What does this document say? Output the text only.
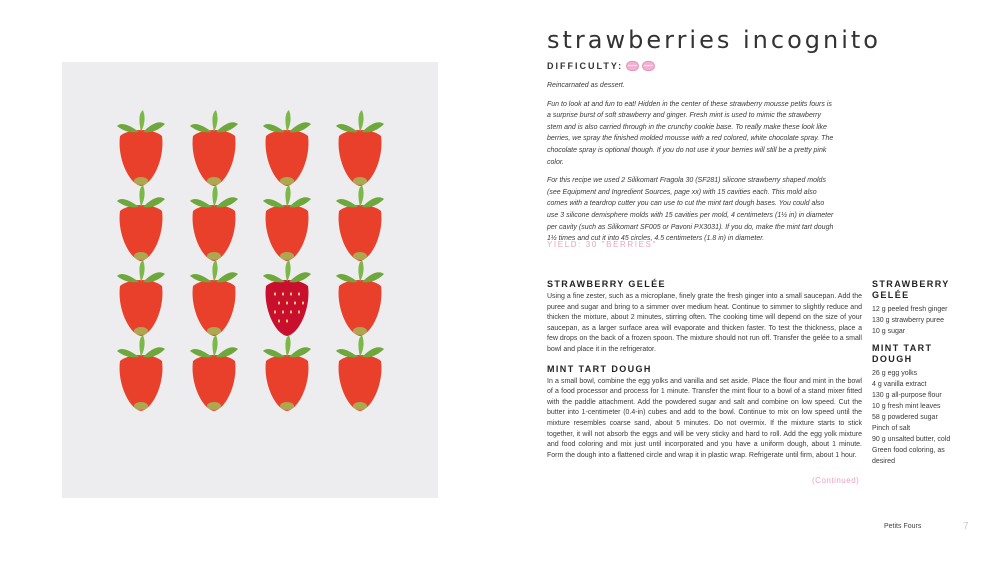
strawberries incognito
DIFFICULTY:

Reincarnated as dessert.

Fun to look at and fun to eat! Hidden in the center of these strawberry mousse petits fours is a surprise burst of soft strawberry and ginger. Fresh mint is used to mimic the strawberry stem and is also carried through in the crunchy cookie base. To really make these look like berries, we spray the finished molded mousse with a red colored, white chocolate spray. The chocolate spray is optional though. If you do not use it your berries will still be a pretty pink color.

For this recipe we used 2 Silikomart Fragola 30 (SF281) silicone strawberry shaped molds (see Equipment and Ingredient Sources, page xx) with 15 cavities each. This mold also comes with a teardrop cutter you can use to cut the mint tart dough bases. You could also use 3 silicone demisphere molds with 15 cavities per mold, 4 centimeters (1½ in) in diameter per cavity (such as Silikomart SF005 or Pavoni PX3031). If you do, make the mint tart dough 1½ times and cut it into 45 circles, 4.5 centimeters (1.8 in) in diameter.

YIELD: 30 "BERRIES"
STRAWBERRY GELÉE

Using a fine zester, such as a microplane, finely grate the fresh ginger into a small saucepan. Add the puree and sugar and bring to a simmer over medium heat. Continue to simmer to slightly reduce and thicken the mixture, about 2 minutes, stirring often. The cooking time will depend on the size of your saucepan, as a larger surface area will evaporate and thicken faster. To test the thickness, place a few drops on the back of a frozen spoon. The mixture should not run off. Transfer the gelée to a small bowl and place it in the refrigerator.

MINT TART DOUGH

In a small bowl, combine the egg yolks and vanilla and set aside. Place the flour and mint in the bowl of a food processor and process for 1 minute. Transfer the mint flour to a bowl of a stand mixer fitted with the paddle attachment. Add the powdered sugar and salt and combine on low speed. Cut the butter into 1-centimeter (0.4-in) cubes and add to the bowl. Continue to mix on low speed until the mixture resembles coarse sand, about 5 minutes. Do not overmix. If the mixture starts to stick together, it will not absorb the eggs and will be very sticky and hard to roll. Add the egg yolk mixture and food coloring and mix just until incorporated and you have a uniform dough, about 1 minute. Form the dough into a flattened circle and wrap it in plastic wrap. Refrigerate until firm, about 1 hour.

STRAWBERRY GELÉE
12 g peeled fresh ginger
130 g strawberry puree
10 g sugar
MINT TART DOUGH
26 g egg yolks
4 g vanilla extract
130 g all-purpose flour
10 g fresh mint leaves
58 g powdered sugar
Pinch of salt
90 g unsalted butter, cold
Green food coloring, as desired
(Continued)
Petits Fours	7
